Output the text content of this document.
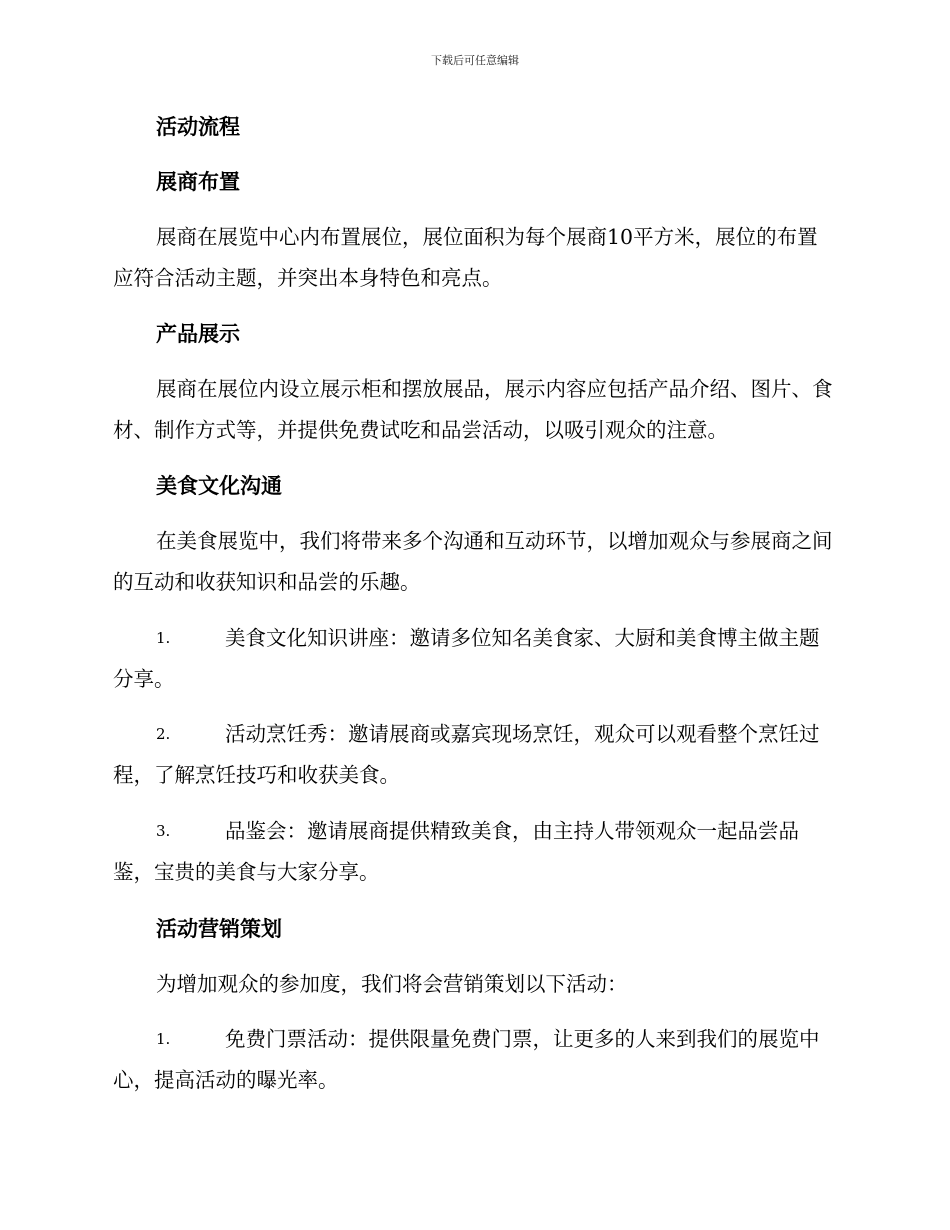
下载后可任意编辑
活动流程
展商布置

展商在展览中心内布置展位，展位面积为每个展商10平方米，展位的布置应符合活动主题，并突出本身特色和亮点。

产品展示

展商在展位内设立展示柜和摆放展品，展示内容应包括产品介绍、图片、食材、制作方式等，并提供免费试吃和品尝活动，以吸引观众的注意。

美食文化沟通

在美食展览中，我们将带来多个沟通和互动环节，以增加观众与参展商之间的互动和收获知识和品尝的乐趣。

1.	美食文化知识讲座：邀请多位知名美食家、大厨和美食博主做主题分享。
2.	活动烹饪秀：邀请展商或嘉宾现场烹饪，观众可以观看整个烹饪过程，了解烹饪技巧和收获美食。
3.	品鉴会：邀请展商提供精致美食，由主持人带领观众一起品尝品鉴，宝贵的美食与大家分享。
活动营销策划

为增加观众的参加度，我们将会营销策划以下活动：

1.	免费门票活动：提供限量免费门票，让更多的人来到我们的展览中心，提高活动的曝光率。
